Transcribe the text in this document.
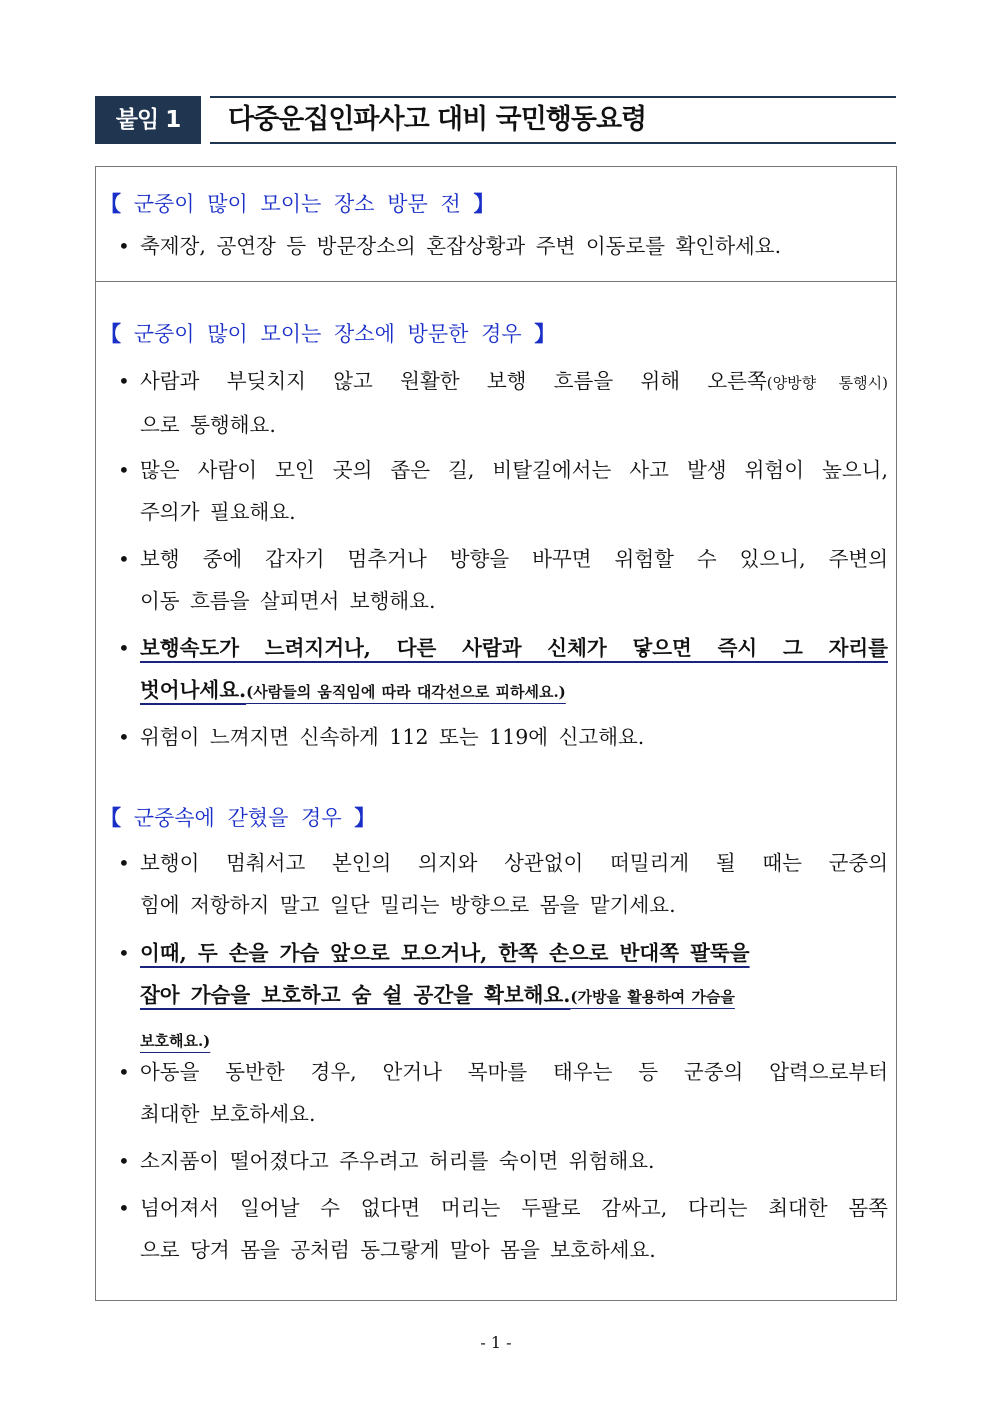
붙임 1	다중운집인파사고 대비 국민행동요령
【 군중이 많이 모이는 장소 방문 전 】
• 축제장, 공연장 등 방문장소의 혼잡상황과 주변 이동로를 확인하세요.
【 군중이 많이 모이는 장소에 방문한 경우 】
• 사람과 부딪치지 않고 원활한 보행 흐름을 위해 오른쪽(양방향 통행시)
으로 통행해요.
• 많은 사람이 모인 곳의 좁은 길, 비탈길에서는 사고 발생 위험이 높으니,
주의가 필요해요.
• 보행 중에 갑자기 멈추거나 방향을 바꾸면 위험할 수 있으니, 주변의
이동 흐름을 살피면서 보행해요.
• 보행속도가 느려지거나, 다른 사람과 신체가 닿으면 즉시 그 자리를
벗어나세요.(사람들의 움직임에 따라 대각선으로 피하세요.)
• 위험이 느껴지면 신속하게 112 또는 119에 신고해요.
【 군중속에 갇혔을 경우 】
• 보행이 멈춰서고 본인의 의지와 상관없이 떠밀리게 될 때는 군중의
힘에 저항하지 말고 일단 밀리는 방향으로 몸을 맡기세요.
• 이때, 두 손을 가슴 앞으로 모으거나, 한쪽 손으로 반대쪽 팔뚝을
잡아 가슴을 보호하고 숨 쉴 공간을 확보해요.(가방을 활용하여 가슴을
보호해요.)
• 아동을 동반한 경우, 안거나 목마를 태우는 등 군중의 압력으로부터
최대한 보호하세요.
• 소지품이 떨어졌다고 주우려고 허리를 숙이면 위험해요.
• 넘어져서 일어날 수 없다면 머리는 두팔로 감싸고, 다리는 최대한 몸쪽
으로 당겨 몸을 공처럼 동그랗게 말아 몸을 보호하세요.
- 1 -
